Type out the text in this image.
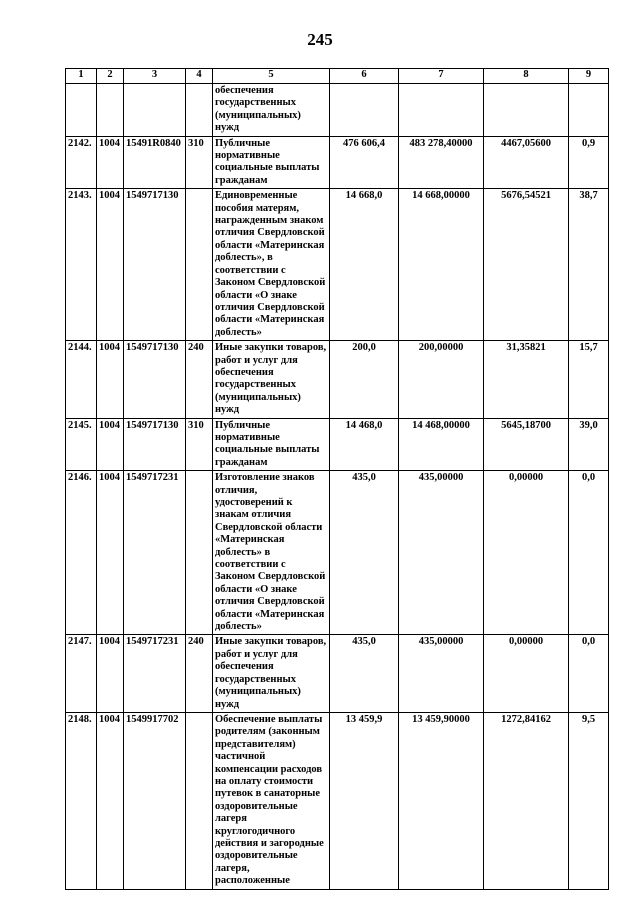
245
1	2	3	4	5	6	7	8	9
				обеспечения государственных (муниципальных) нужд				
2142.	1004	15491R0840	310	Публичные нормативные социальные выплаты гражданам	476 606,4	483 278,40000	4467,05600	0,9
2143.	1004	1549717130		Единовременные пособия матерям, награжденным знаком отличия Свердловской области «Материнская доблесть», в соответствии с Законом Свердловской области «О знаке отличия Свердловской области «Материнская доблесть»	14 668,0	14 668,00000	5676,54521	38,7
2144.	1004	1549717130	240	Иные закупки товаров, работ и услуг для обеспечения государственных (муниципальных) нужд	200,0	200,00000	31,35821	15,7
2145.	1004	1549717130	310	Публичные нормативные социальные выплаты гражданам	14 468,0	14 468,00000	5645,18700	39,0
2146.	1004	1549717231		Изготовление знаков отличия, удостоверений к знакам отличия Свердловской области «Материнская доблесть» в соответствии с Законом Свердловской области «О знаке отличия Свердловской области «Материнская доблесть»	435,0	435,00000	0,00000	0,0
2147.	1004	1549717231	240	Иные закупки товаров, работ и услуг для обеспечения государственных (муниципальных) нужд	435,0	435,00000	0,00000	0,0
2148.	1004	1549917702		Обеспечение выплаты родителям (законным представителям) частичной компенсации расходов на оплату стоимости путевок в санаторные оздоровительные лагеря круглогодичного действия и загородные оздоровительные лагеря, расположенные	13 459,9	13 459,90000	1272,84162	9,5
